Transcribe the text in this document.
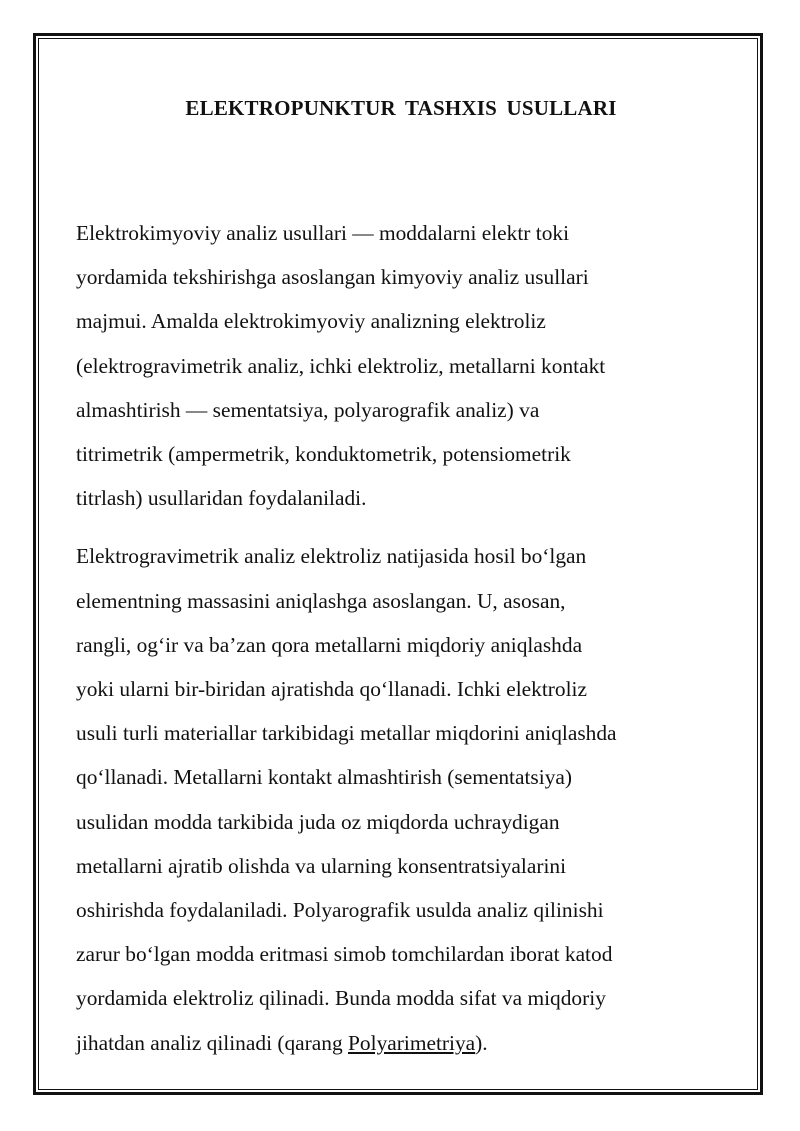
ELEKTROPUNKTUR TASHXIS USULLARI

Elektrokimyoviy analiz usullari — moddalarni elektr toki
yordamida tekshirishga asoslangan kimyoviy analiz usullari
majmui. Amalda elektrokimyoviy analizning elektroliz
(elektrogravimetrik analiz, ichki elektroliz, metallarni kontakt
almashtirish — sementatsiya, polyarografik analiz) va
titrimetrik (ampermetrik, konduktometrik, potensiometrik
titrlash) usullaridan foydalaniladi.

Elektrogravimetrik analiz elektroliz natijasida hosil bo‘lgan
elementning massasini aniqlashga asoslangan. U, asosan,
rangli, og‘ir va ba’zan qora metallarni miqdoriy aniqlashda
yoki ularni bir-biridan ajratishda qo‘llanadi. Ichki elektroliz
usuli turli materiallar tarkibidagi metallar miqdorini aniqlashda
qo‘llanadi. Metallarni kontakt almashtirish (sementatsiya)
usulidan modda tarkibida juda oz miqdorda uchraydigan
metallarni ajratib olishda va ularning konsentratsiyalarini
oshirishda foydalaniladi. Polyarografik usulda analiz qilinishi
zarur bo‘lgan modda eritmasi simob tomchilardan iborat katod
yordamida elektroliz qilinadi. Bunda modda sifat va miqdoriy
jihatdan analiz qilinadi (qarang Polyarimetriya).
